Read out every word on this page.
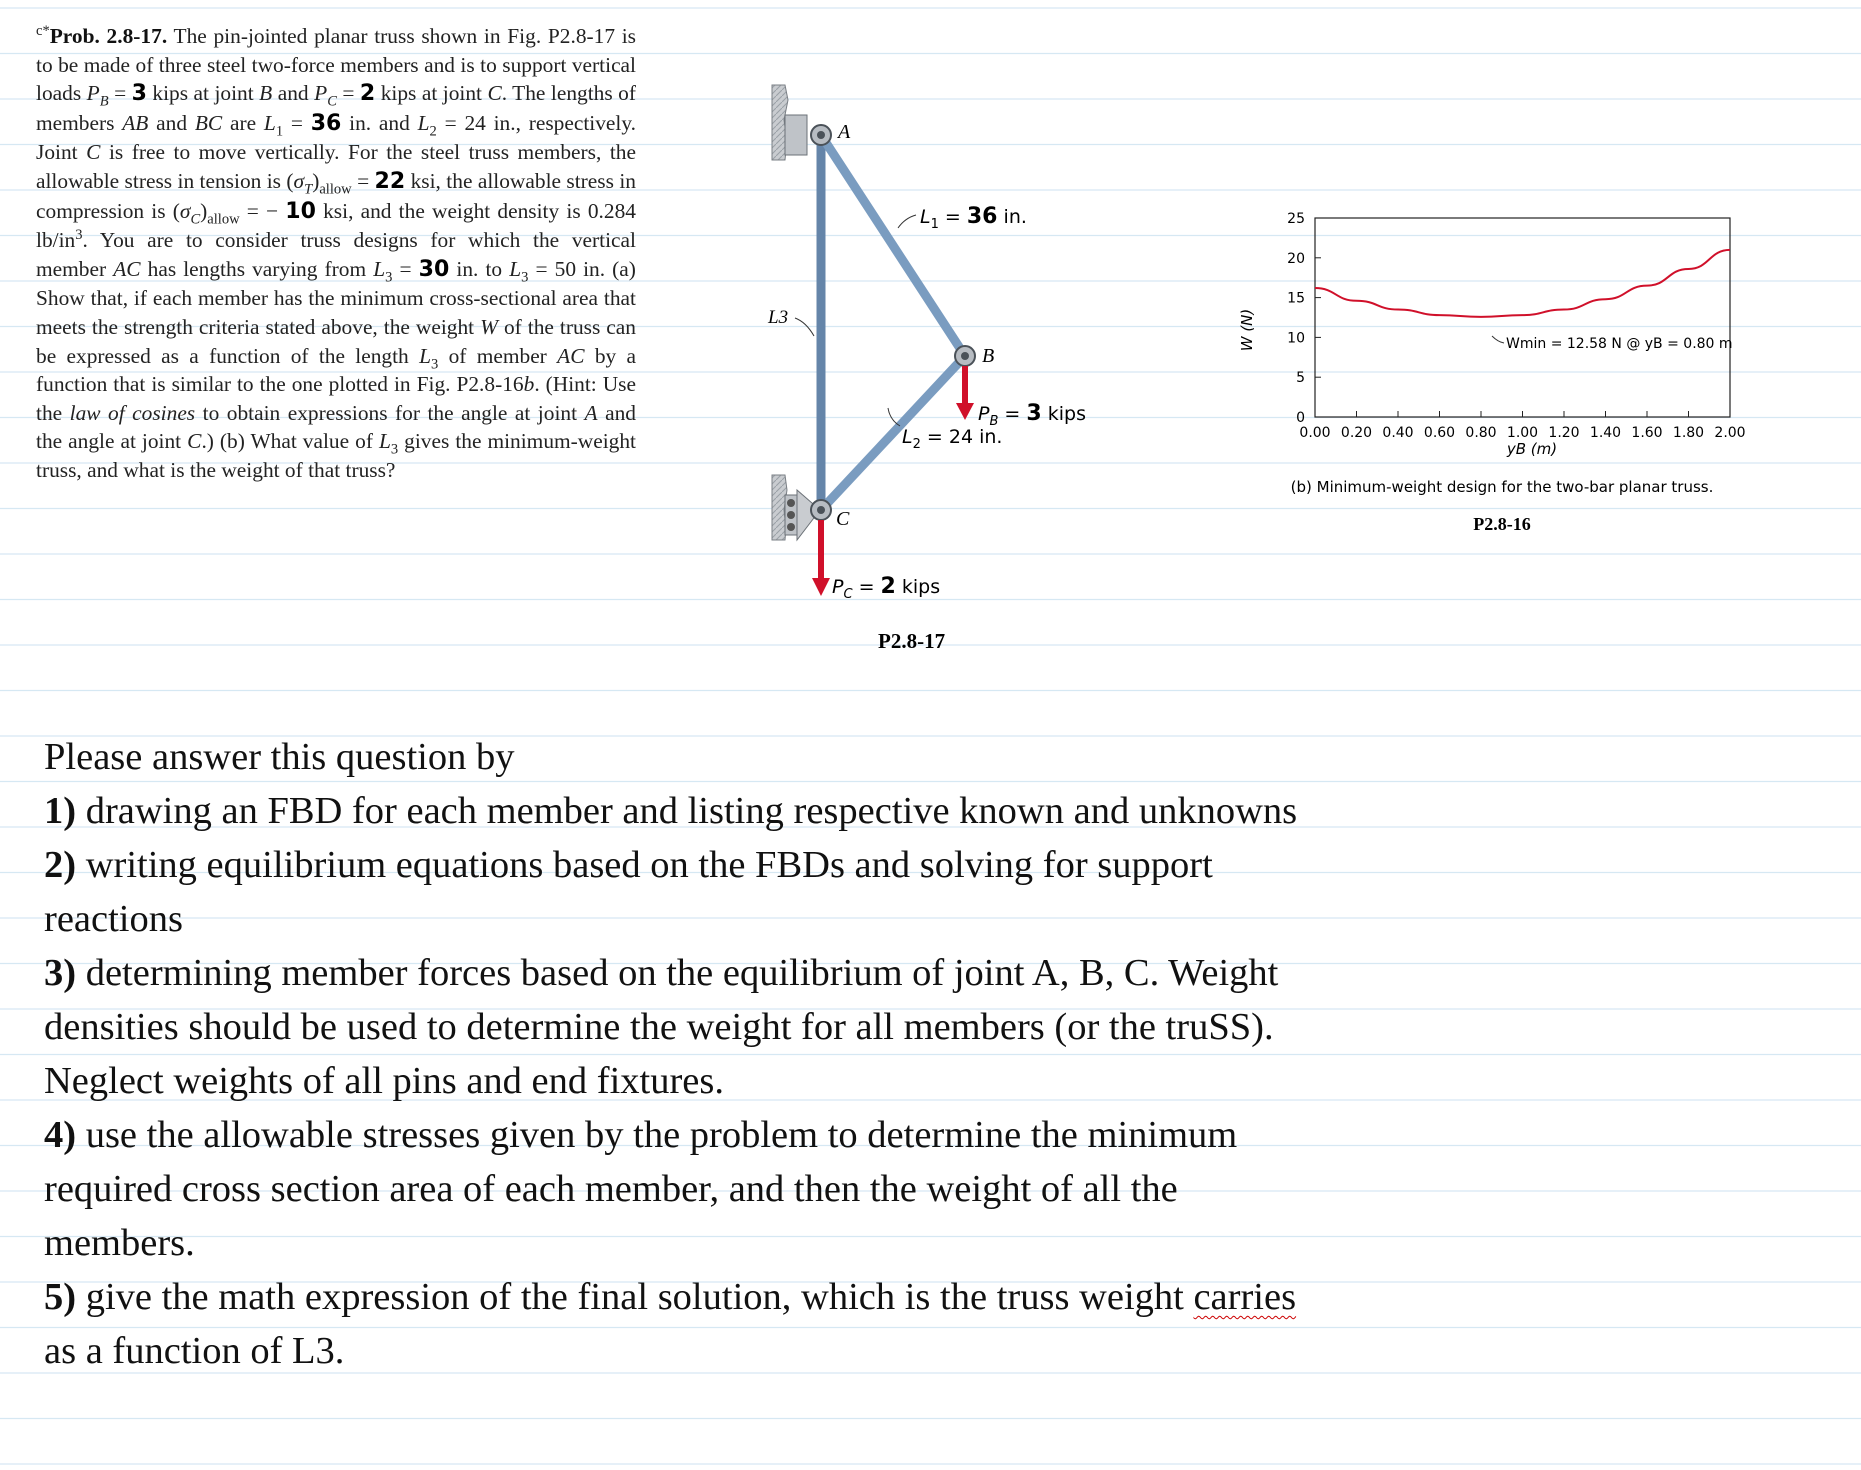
$^{c*}$Prob. 2.8-17. The pin-jointed planar truss shown in Fig. P2.8-17 is to be made of three steel two-force members and is to support vertical loads $P_B = 3$ kips at joint B and $P_C = 2$ kips at joint C. The lengths of members AB and BC are $L_1 = 36$ in. and $L_2 = 24$ in., respectively. Joint C is free to move vertically. For the steel truss members, the allowable stress in tension is $(\sigma_T)_{allow} = 22$ ksi, the allowable stress in compression is $(\sigma_C)_{allow}$ = − 10 ksi, and the weight density is 0.284 $lb/in^3$. You are to consider truss designs for which the vertical member AC has lengths varying from $L_3 = 30$ in. to $L_3 = 50$ in. (a) Show that, if each member has the minimum cross-sectional area that meets the strength criteria stated above, the weight W of the truss can be expressed as a function of the length $L_3$ of member AC by a function that is similar to the one plotted in Fig. P2.8-16b. (Hint: Use the law of cosines to obtain expressions for the angle at joint A and the angle at joint C.) (b) What value of $L_3$ gives the minimum-weight truss, and what is the weight of that truss?
A
B
C
L3
$L_1 = 36$ in.
$L_2 = 24$ in.
$P_B = 3$ kips
$P_C = 2$ kips
P2.8-17
0.00 0.20 0.40 0.60 0.80 1.00 1.20 1.40 1.60 1.80 2.00
0
5
10
15
20
25
W (N)
yB (m)
Wmin = 12.58 N @ yB = 0.80 m
(b) Minimum-weight design for the two-bar planar truss.
P2.8-16

Please answer this question by

1) drawing an FBD for each member and listing respective known and unknowns

2) writing equilibrium equations based on the FBDs and solving for support reactions

3) determining member forces based on the equilibrium of joint A, B, C. Weight densities should be used to determine the weight for all members (or the truSS). Neglect weights of all pins and end fixtures.

4) use the allowable stresses given by the problem to determine the minimum required cross section area of each member, and then the weight of all the members.

5) give the math expression of the final solution, which is the truss weight carries as a function of L3.
